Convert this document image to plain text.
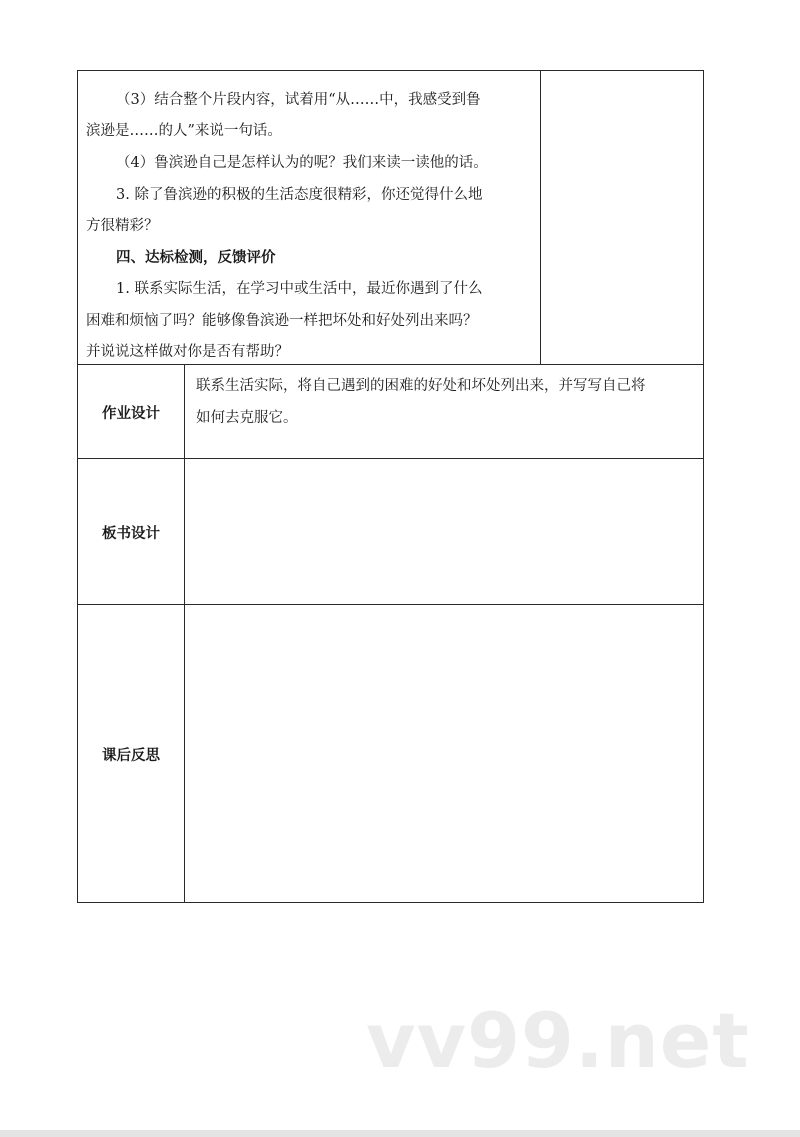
（3）结合整个片段内容，试着用“从……中，我感受到鲁
滨逊是……的人”来说一句话。
（4）鲁滨逊自己是怎样认为的呢？我们来读一读他的话。
3. 除了鲁滨逊的积极的生活态度很精彩，你还觉得什么地
方很精彩？
四、达标检测，反馈评价
1. 联系实际生活，在学习中或生活中，最近你遇到了什么
困难和烦恼了吗？能够像鲁滨逊一样把坏处和好处列出来吗？
并说说这样做对你是否有帮助？
作业设计
联系生活实际，将自己遇到的困难的好处和坏处列出来，并写写自己将
如何去克服它。
板书设计
课后反思
vv99.net
